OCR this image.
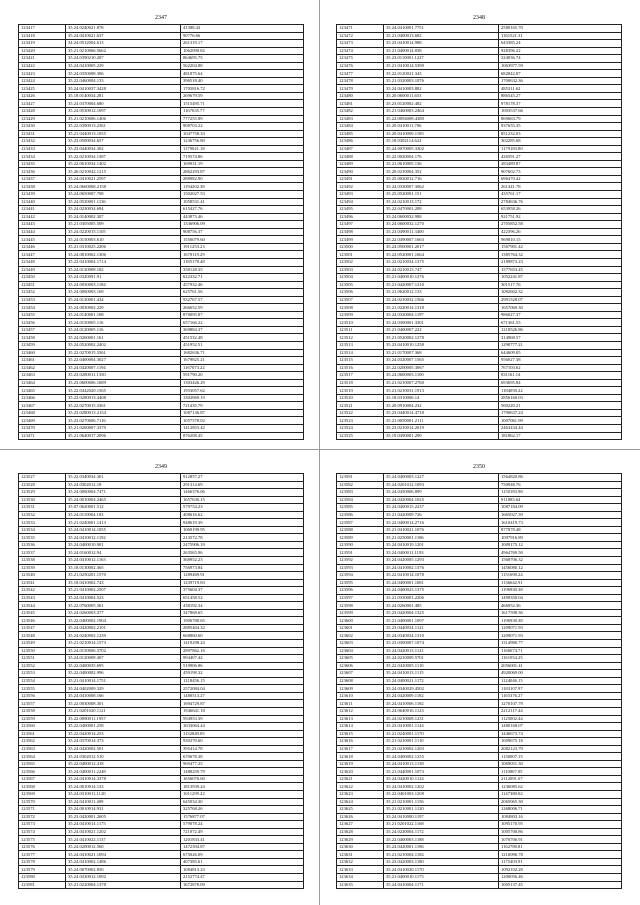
2347
123417	35.24.0240021.878	41388.43
123418	35.24.0410021.637	90776.66
123419	34.24.0512004.613	261319.17
123420	35.21.0210066.5662	1062090.82
123421	35.24.0390210.207	864695.75
123422	35.24.0410005.229	562204.88
123423	35.24.0350008.306	481875.64
123424	35.22.0460004.133	396518.40
123425	35.24.0410037.3428	1705816.72
123426	35.18.0140034.281	269679.59
123427	35.24.0370004.680	1515495.71
123428	35.24.0530012.1097	1167635.77
123429	35.21.0210006.1406	777255.89
123430	35.22.0390013.2361	908703.22
123431	35.21.0440013.1055	1047758.33
123432	35.23.0500034.657	1236756.80
123433	35.23.0440034.302	1179021.18
123434	35.22.0210034.1387	719574.86
123435	35.22.0610034.1402	169931.19
123436	35.26.0210042.1215	2862293.87
123437	35.24.0410021.2597	288982.90
123438	35.24.0660068.2158	1194202.38
123439	35.24.0650007.708	1502027.53
123440	35.24.0520001.1136	1058531.41
123441	35.24.0230034.694	615427.76
123442	35.24.0140002.307	443873.46
123443	35.21.0305005.509	1336906.09
123444	35.24.0220015.1105	908756.37
123445	35.24.0150003.610	1550079.60
123446	35.21.0310025.2206	1911253.23
123447	35.24.0810062.1306	1670119.29
123448	35.23.0410004.1714	1185178.48
123449	35.24.0120008.182	358128.35
123450	35.24.0320091.91	622332.71
123451	35.24.0030003.1184	457932.46
123452	35.24.0060003.169	625761.56
123453	35.24.0120001.434	932767.57
123454	35.24.0030002.229	266652.59
123455	35.24.0140001.108	870095.87
123456	35.24.0150005.116	657166.22
123457	35.24.0120005.116	369884.37
123458	35.24.0260001.161	451532.48
123459	35.24.0520002.2402	451952.51
123460	35.22.0270015.3361	1682636.71
123461	35.22.0400004.3027	1679825.21
123462	35.24.0420007.1194	1167073.22
123463	35.23.0280011.1350	591790.20
123464	35.23.0600006.1689	1303426.29
123465	35.22.0442020.1565	1953057.62
123466	35.23.0280013.4408	1302869.19
123467	35.22.0270015.3361	721435.79
123468	35.23.0280013.2154	1087136.87
123469	35.23.0270006.7116	1057578.02
123470	35.21.0260007.3379	1412853.42
123471	35.21.0640017.2096	876208.45
2348
123471	35.24.0410001.7751	2580165.70
123472	35.21.0400013.682	1161521.31
123473	35.23.0410014.988	643385.24
123474	35.21.0400014.838	928396.22
123475	35.23.0110001.1227	324036.74
123476	35.21.0410014.5399	1063977.59
123477	35.22.0120021.343	682842.87
123478	35.21.0320003.1076	1700632.36
123479	35.24.0410003.882	485311.62
123480	35.20.0600011.653	886545.27
123481	35.23.0120002.482	978178.37
123482	35.21.0460003.2464	1003537.66
123483	35.22.0094008.4380	869663.79
123484	35.20.0410011.706	937655.35
123485	35.20.0410009.1185	851232.03
123486	35.18.0302114.622	302285.68
123487	35.24.0070005.3302	1179183.80
123488	35.22.0020004.176	426591.27
123489	35.21.0610005.136	283489.87
123490	35.20.0210004.352	907602.73
123491	35.25.0020012.716	696470.42
123492	35.24.0330007.3062	261341.78
123493	35.25.0520001.151	435761.17
123494	35.24.0210013.172	2784636.76
123495	35.22.0470001.208	653958.26
123496	35.24.0600032.988	921751.92
123497	35.24.0600032.1270	2705852.58
123498	35.23.0490011.3400	422396.26
123499	35.22.0490007.1663	969810.15
123500	35.24.0500001.2017	1567901.42
123501	35.22.0520001.1664	1385764.32
123502	35.22.0210034.1375	2189873.23
123503	35.24.0210013.747	1577653.45
123504	35.21.0400010.1276	1052241.87
123505	35.21.0420007.1210	301517.76
123506	35.21.0620012.133	1082602.32
123507	35.24.0210032.1566	2991528.07
123508	35.21.0220014.1318	1657069.30
123509	35.24.0320004.1197	986027.37
123510	35.24.0300001.3301	671361.55
123511	35.21.0400007.222	1218526.86
123512	35.21.0520002.1278	314968.57
123513	35.23.0410010.1258	1298777.21
123514	35.21.0170007.368	644609.05
123515	35.24.0320007.1565	956027.38
123516	35.22.0200005.3067	767103.62
123517	35.24.0600003.1100	831161.14
123518	35.21.0210007.2760	693695.84
123519	35.21.0210031.1913	1184050.22
123520	35.18.0310006.14	2856160.03
123521	35.20.0910004.232	569220.21
123522	35.23.0440014.4718	1790637.24
123523	35.21.0050001.2111	1007061.99
123524	35.23.0210014.2619	2463434.44
123525	35.19.0490001.290	181862.17
2349
123527	35.22.0340034.301	912857.27
123528	35.24.0302012.18	291314.69
123529	35.24.0060004.7471	1466376.06
123530	35.24.0010004.2465	1657630.15
123531	35.07.0620001.512	579754.23
123532	35.24.0110004.103	408616.62
123533	35.21.0240001.1413	948619.39
123534	35.24.0410014.1055	1069199.95
123535	35.24.0410012.1192	213572.78
123536	35.24.0400010.901	2475906.19
123537	35.24.0160012.94	263565.96
123538	35.24.0410012.1163	368952.23
123539	35.18.0130002.365	756973.84
123540	35.21.0250201.1570	1289469.91
123541	35.18.0410002.743	1239719.83
123542	35.21.0410002.2507	375604.37
123543	35.24.0410004.523	651458.52
123544	35.22.0760005.301	438192.34
123545	35.24.0260003.377	347868.65
123546	35.22.0400002.1904	1906780.65
123547	35.24.0420002.2101	2885404.32
123548	35.24.0240002.1239	668860.60
123549	35.21.0210014.1573	1419298.24
123550	35.24.0150006.3702	2897862.16
123551	35.24.0120008.407	994407.42
123552	35.22.0400035.695	519906.86
123553	35.22.0400002.996	459198.32
123554	35.21.0410014.1751	1218456.15
123555	35.24.0402009.329	2572084.04
123556	35.24.0410008.166	1480513.27
123557	35.22.0030008.301	1694729.87
123558	35.21.0201020.1121	1946641.18
123559	35.22.0090011.1957	594953.39
123560	35.22.0400001.258	1633064.44
123561	35.22.0420014.253	1132849.05
123562	35.24.0370014.373	930270.60
123563	35.24.0420002.501	395414.78
123564	35.24.0302012.510	670678.38
123565	35.22.0400012.418	969477.25
123566	35.24.0400011.2248	1488259.79
123567	35.24.0410014.3378	1656076.60
123568	35.24.0010014.133	1813939.24
123569	35.24.0310011.1120	1011299.22
123570	35.24.0410011.409	645034.30
123571	35.24.0010014.931	325768.26
123572	35.23.0420001.2605	1576877.07
123573	35.24.0410014.1175	579078.24
123574	35.24.0410021.1202	721072.49
123575	35.24.0410022.1137	1201833.41
123576	35.24.0200012.560	1472394.87
123577	35.24.0410021.1094	675026.09
123578	35.24.0410002.1486	407385.61
123579	35.24.0070002.850	1084813.23
123580	35.24.0330012.1092	2152774.47
123581	35.21.0220004.1378	1672878.09
2350
123581	35.24.0400003.1227	1564820.86
123582	35.24.0201012.1093	750948.76
123583	35.24.0450006.899	1150183.98
123584	35.24.0420004.1025	911885.64
123585	35.24.0400015.2237	1087184.09
123586	35.21.0420009.726	1665027.39
123587	35.22.0400014.2716	1610419.73
123588	35.21.0410021.1076	877878.48
123589	35.21.0250001.1186	1097916.89
123590	35.24.0410019.1201	1009175.12
123591	35.24.0400011.1193	4964769.50
123592	35.24.0420005.1293	1568706.32
123593	35.24.0410002.1376	1456080.12
123594	35.22.0410014.1078	1151690.24
123595	35.24.0400001.1081	1136642.91
123596	35.24.0400023.1375	1196930.38
123597	35.21.0330001.2206	1498350.04
123598	35.24.0260001.485	466952.36
123599	35.23.0420004.1325	1617598.36
123600	35.21.0400001.1097	1196930.38
123601	35.23.0440034.1121	1209071.93
123602	35.24.0340034.1310	1209071.93
123603	35.23.0300007.1074	1314980.77
123604	35.24.0420013.1121	1166074.71
123605	35.24.0210009.5701	1161054.25
123606	35.22.0420005.1110	2056001.41
123607	35.24.0410013.1115	4920069.00
123608	35.24.0400021.1172	1124046.15
123609	35.24.0340029.4502	1183107.97
123610	35.24.0420009.1182	1165376.27
123611	35.24.0410006.1182	1270107.79
123612	35.24.0640016.1123	2212117.44
123613	35.24.0210008.1231	1125002.44
123614	35.23.0410001.1144	1480168.07
123615	35.21.0240001.1170	1446673.74
123616	35.21.0210001.1110	1009675.18
123617	35.23.0210002.1203	2082123.79
123618	35.24.0400002.1255	1130007.15
123619	35.24.0410013.1138	1069051.30
123620	35.21.0440001.1073	1110807.05
123621	35.24.0420010.1124	2112091.07
123622	35.24.0410002.1202	1236085.62
123623	35.22.0401003.1208	1147380.02
123624	35.21.0210001.1156	2065065.30
123625	35.21.0210001.1120	1268006.71
123626	35.24.0410000.1197	1084803.16
123627	35.21.0201022.1168	1095170.95
123628	35.24.0220004.1172	1005700.86
123629	35.22.0400003.1188	1070706.91
123630	35.24.0420001.1186	1162780.81
123631	35.21.0210004.1184	1210096.78
123632	35.23.0420003.1180	1175403.91
123633	35.24.0410020.1170	1092102.28
123634	35.21.0400010.1175	1200056.46
123635	35.24.0410004.1171	1005137.45
